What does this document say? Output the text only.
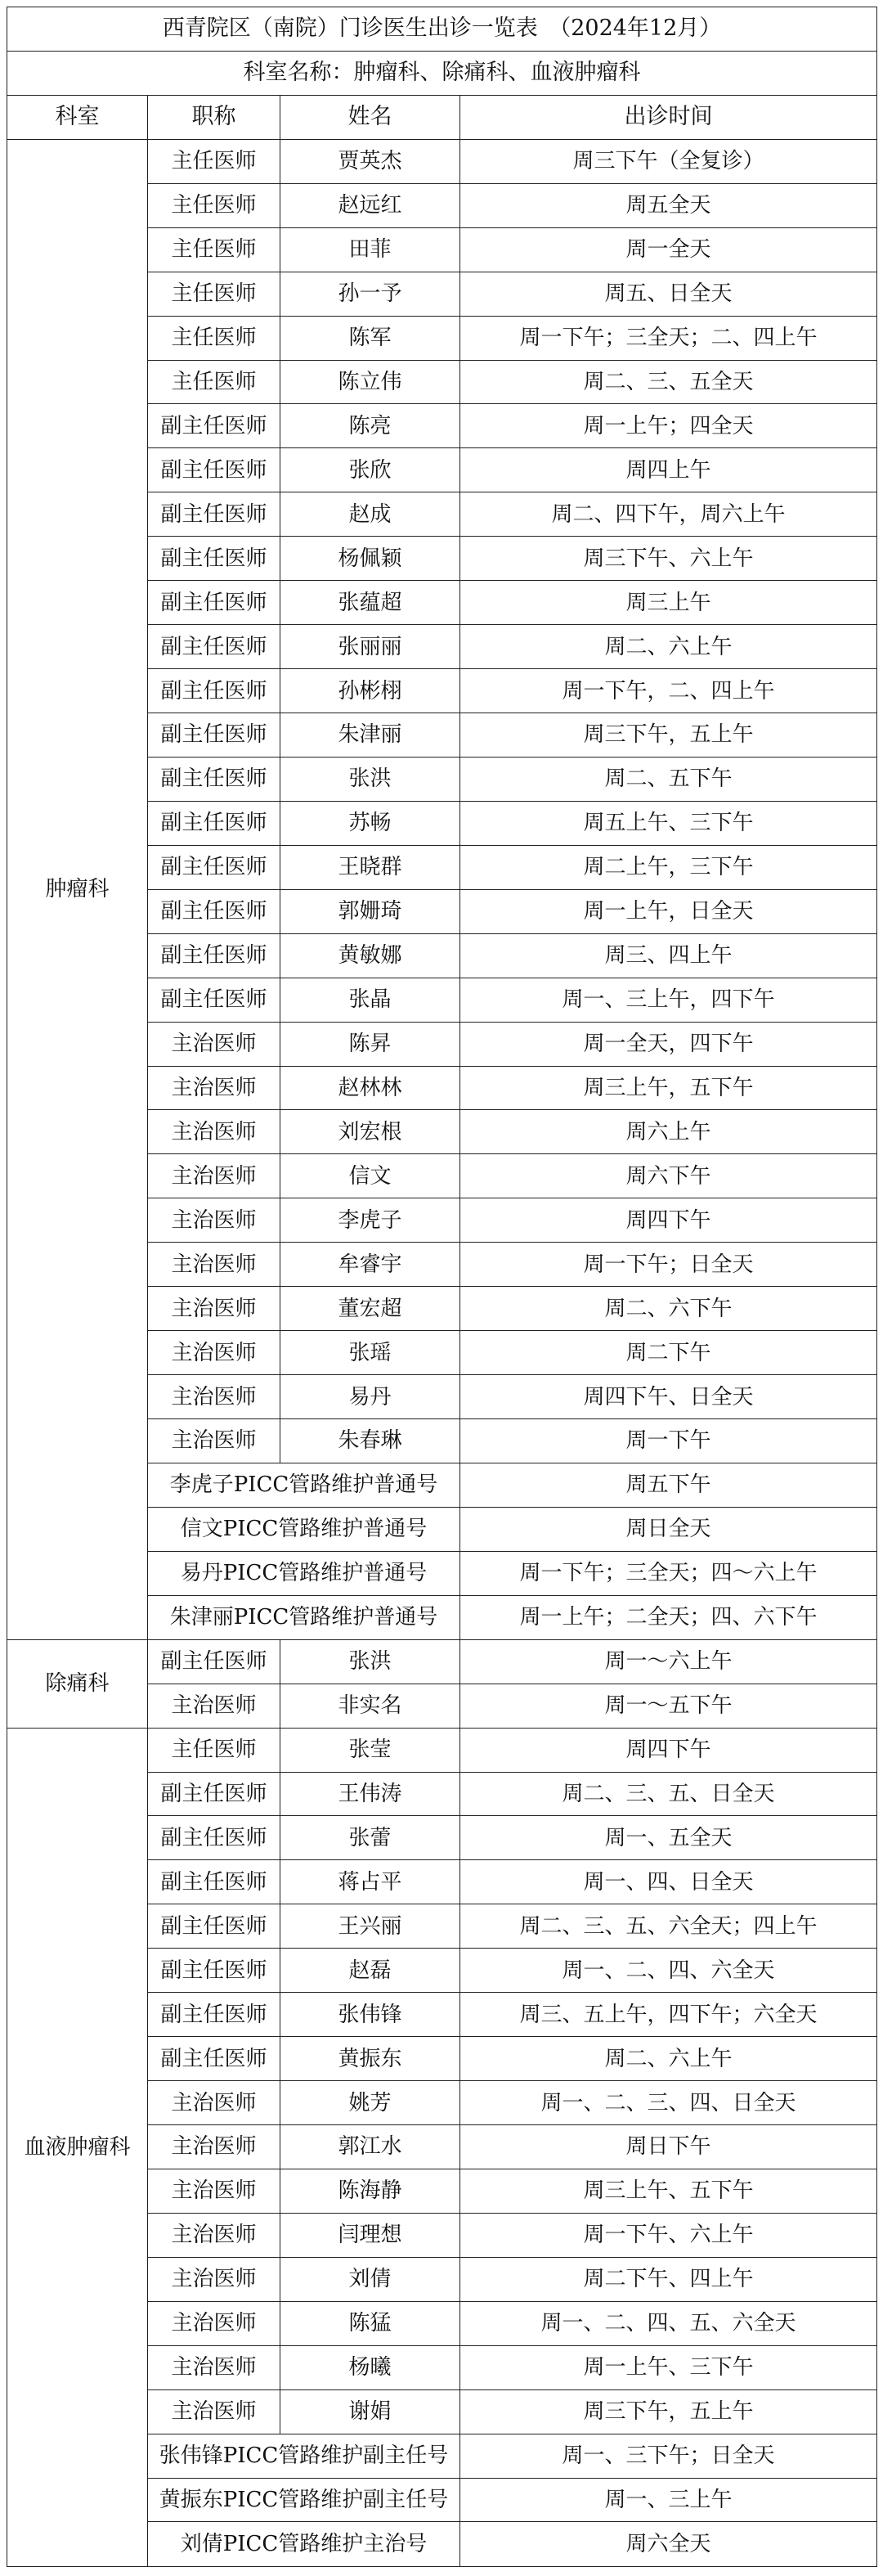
西青院区（南院）门诊医生出诊一览表　（2024年12月）			
科室名称：肿瘤科、除痛科、血液肿瘤科			
科室	职称	姓名	出诊时间
肿瘤科	主任医师	贾英杰	周三下午（全复诊）
	主任医师	赵远红	周五全天
	主任医师	田菲	周一全天
	主任医师	孙一予	周五、日全天
	主任医师	陈军	周一下午；三全天；二、四上午
	主任医师	陈立伟	周二、三、五全天
	副主任医师	陈亮	周一上午；四全天
	副主任医师	张欣	周四上午
	副主任医师	赵成	周二、四下午，周六上午
	副主任医师	杨佩颖	周三下午、六上午
	副主任医师	张蕴超	周三上午
	副主任医师	张丽丽	周二、六上午
	副主任医师	孙彬栩	周一下午，二、四上午
	副主任医师	朱津丽	周三下午，五上午
	副主任医师	张洪	周二、五下午
	副主任医师	苏畅	周五上午、三下午
	副主任医师	王晓群	周二上午，三下午
	副主任医师	郭姗琦	周一上午，日全天
	副主任医师	黄敏娜	周三、四上午
	副主任医师	张晶	周一、三上午，四下午
	主治医师	陈昇	周一全天，四下午
	主治医师	赵林林	周三上午，五下午
	主治医师	刘宏根	周六上午
	主治医师	信文	周六下午
	主治医师	李虎子	周四下午
	主治医师	牟睿宇	周一下午；日全天
	主治医师	董宏超	周二、六下午
	主治医师	张瑶	周二下午
	主治医师	易丹	周四下午、日全天
	主治医师	朱春琳	周一下午
	李虎子PICC管路维护普通号		周五下午
	信文PICC管路维护普通号		周日全天
	易丹PICC管路维护普通号		周一下午；三全天；四～六上午
	朱津丽PICC管路维护普通号		周一上午；二全天；四、六下午
除痛科	副主任医师	张洪	周一～六上午
	主治医师	非实名	周一～五下午
血液肿瘤科	主任医师	张莹	周四下午
	副主任医师	王伟涛	周二、三、五、日全天
	副主任医师	张蕾	周一、五全天
	副主任医师	蒋占平	周一、四、日全天
	副主任医师	王兴丽	周二、三、五、六全天；四上午
	副主任医师	赵磊	周一、二、四、六全天
	副主任医师	张伟锋	周三、五上午，四下午；六全天
	副主任医师	黄振东	周二、六上午
	主治医师	姚芳	周一、二、三、四、日全天
	主治医师	郭江水	周日下午
	主治医师	陈海静	周三上午、五下午
	主治医师	闫理想	周一下午、六上午
	主治医师	刘倩	周二下午、四上午
	主治医师	陈猛	周一、二、四、五、六全天
	主治医师	杨曦	周一上午、三下午
	主治医师	谢娟	周三下午，五上午
	张伟锋PICC管路维护副主任号		周一、三下午；日全天
	黄振东PICC管路维护副主任号		周一、三上午
	刘倩PICC管路维护主治号		周六全天
